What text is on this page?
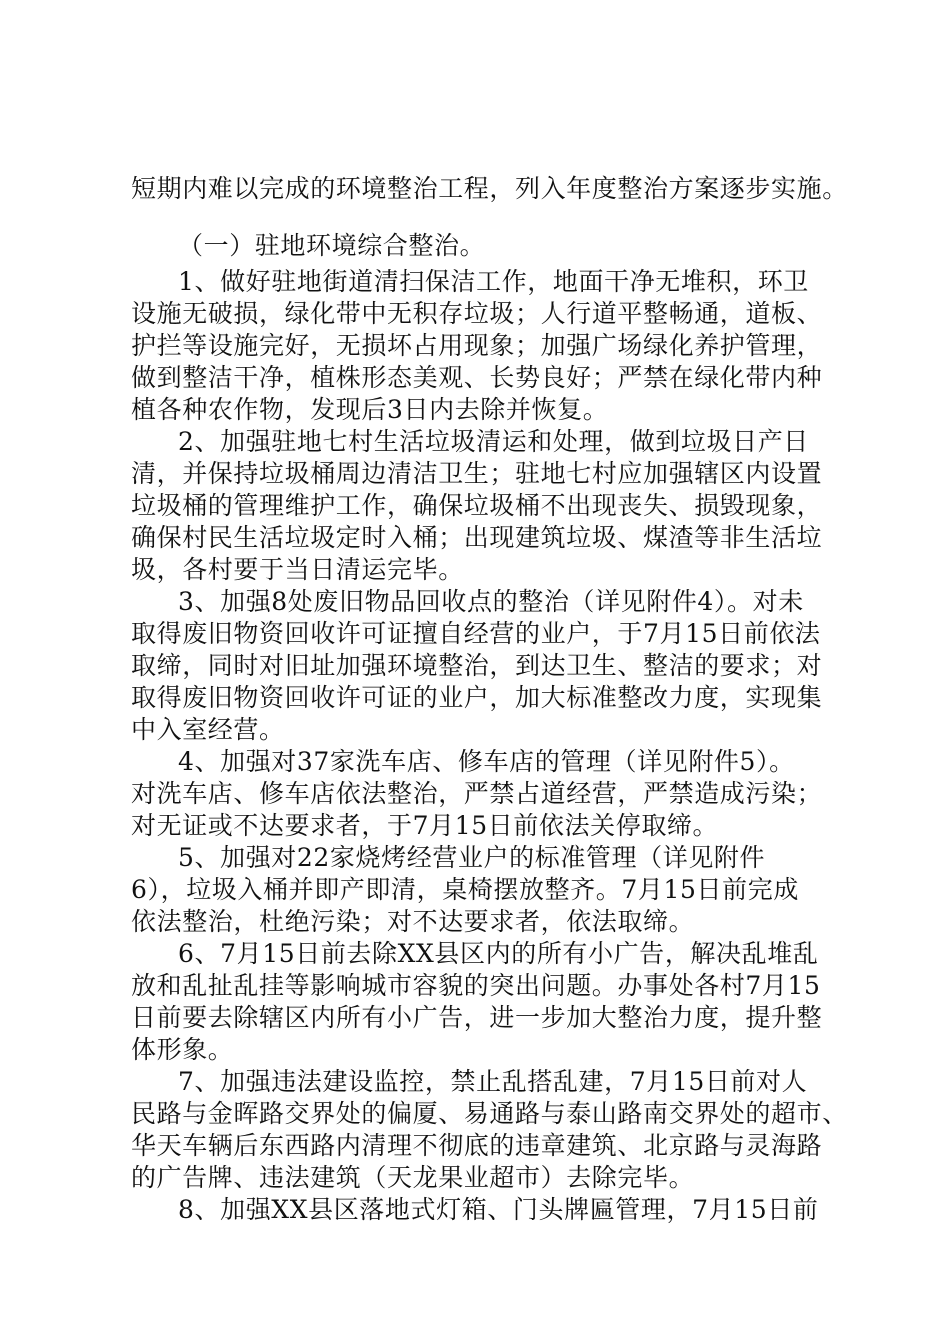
短期内难以完成的环境整治工程，列入年度整治方案逐步实施。
（一）驻地环境综合整治。
1、做好驻地街道清扫保洁工作，地面干净无堆积，环卫
设施无破损，绿化带中无积存垃圾；人行道平整畅通，道板、
护拦等设施完好，无损坏占用现象；加强广场绿化养护管理，
做到整洁干净，植株形态美观、长势良好；严禁在绿化带内种
植各种农作物，发现后3日内去除并恢复。
2、加强驻地七村生活垃圾清运和处理，做到垃圾日产日
清，并保持垃圾桶周边清洁卫生；驻地七村应加强辖区内设置
垃圾桶的管理维护工作，确保垃圾桶不出现丧失、损毁现象，
确保村民生活垃圾定时入桶；出现建筑垃圾、煤渣等非生活垃
圾，各村要于当日清运完毕。
3、加强8处废旧物品回收点的整治（详见附件4）。对未
取得废旧物资回收许可证擅自经营的业户，于7月15日前依法
取缔，同时对旧址加强环境整治，到达卫生、整洁的要求；对
取得废旧物资回收许可证的业户，加大标准整改力度，实现集
中入室经营。
4、加强对37家洗车店、修车店的管理（详见附件5）。
对洗车店、修车店依法整治，严禁占道经营，严禁造成污染；
对无证或不达要求者，于7月15日前依法关停取缔。
5、加强对22家烧烤经营业户的标准管理（详见附件
6），垃圾入桶并即产即清，桌椅摆放整齐。7月15日前完成
依法整治，杜绝污染；对不达要求者，依法取缔。
6、7月15日前去除XX县区内的所有小广告，解决乱堆乱
放和乱扯乱挂等影响城市容貌的突出问题。办事处各村7月15
日前要去除辖区内所有小广告，进一步加大整治力度，提升整
体形象。
7、加强违法建设监控，禁止乱搭乱建，7月15日前对人
民路与金晖路交界处的偏厦、易通路与泰山路南交界处的超市、
华天车辆后东西路内清理不彻底的违章建筑、北京路与灵海路
的广告牌、违法建筑（天龙果业超市）去除完毕。
8、加强XX县区落地式灯箱、门头牌匾管理，7月15日前
